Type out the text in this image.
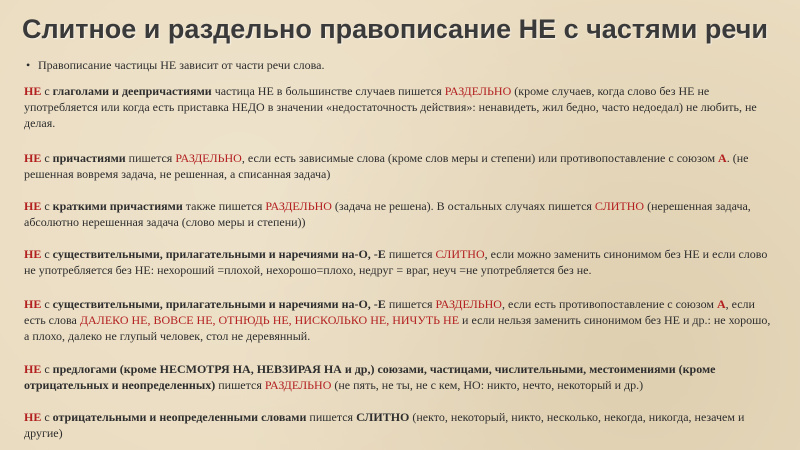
Слитное и раздельно правописание НЕ с частями речи
• Правописание частицы НЕ зависит от части речи слова.
НЕ с глаголами и деепричастиями частица НЕ в большинстве случаев пишется РАЗДЕЛЬНО (кроме случаев, когда слово без НЕ не употребляется или когда есть приставка НЕДО в значении «недостаточность действия»: ненавидеть, жил бедно, часто недоедал) не любить, не делая.
НЕ с причастиями пишется РАЗДЕЛЬНО, если есть зависимые слова (кроме слов меры и степени) или противопоставление с союзом А. (не решенная вовремя задача, не решенная, а списанная задача)
НЕ с краткими причастиями также пишется РАЗДЕЛЬНО (задача не решена). В остальных случаях пишется СЛИТНО (нерешенная задача, абсолютно нерешенная задача (слово меры и степени))
НЕ с существительными, прилагательными и наречиями на-О, -Е пишется СЛИТНО, если можно заменить синонимом без НЕ и если слово не употребляется без НЕ: нехороший =плохой, нехорошо=плохо, недруг = враг, неуч =не употребляется без не.
НЕ с существительными, прилагательными и наречиями на-О, -Е пишется РАЗДЕЛЬНО, если есть противопоставление с союзом А, если есть слова ДАЛЕКО НЕ, ВОВСЕ НЕ, ОТНЮДЬ НЕ, НИСКОЛЬКО НЕ, НИЧУТЬ НЕ и если нельзя заменить синонимом без НЕ и др.: не хорошо, а плохо, далеко не глупый человек, стол не деревянный.
НЕ с предлогами (кроме НЕСМОТРЯ НА, НЕВЗИРАЯ НА и др,) союзами, частицами, числительными, местоимениями (кроме отрицательных и неопределенных) пишется РАЗДЕЛЬНО (не пять, не ты, не с кем, НО: никто, нечто, некоторый и др.)
НЕ с отрицательными и неопределенными словами пишется СЛИТНО (некто, некоторый, никто, несколько, некогда, никогда, незачем и другие)
